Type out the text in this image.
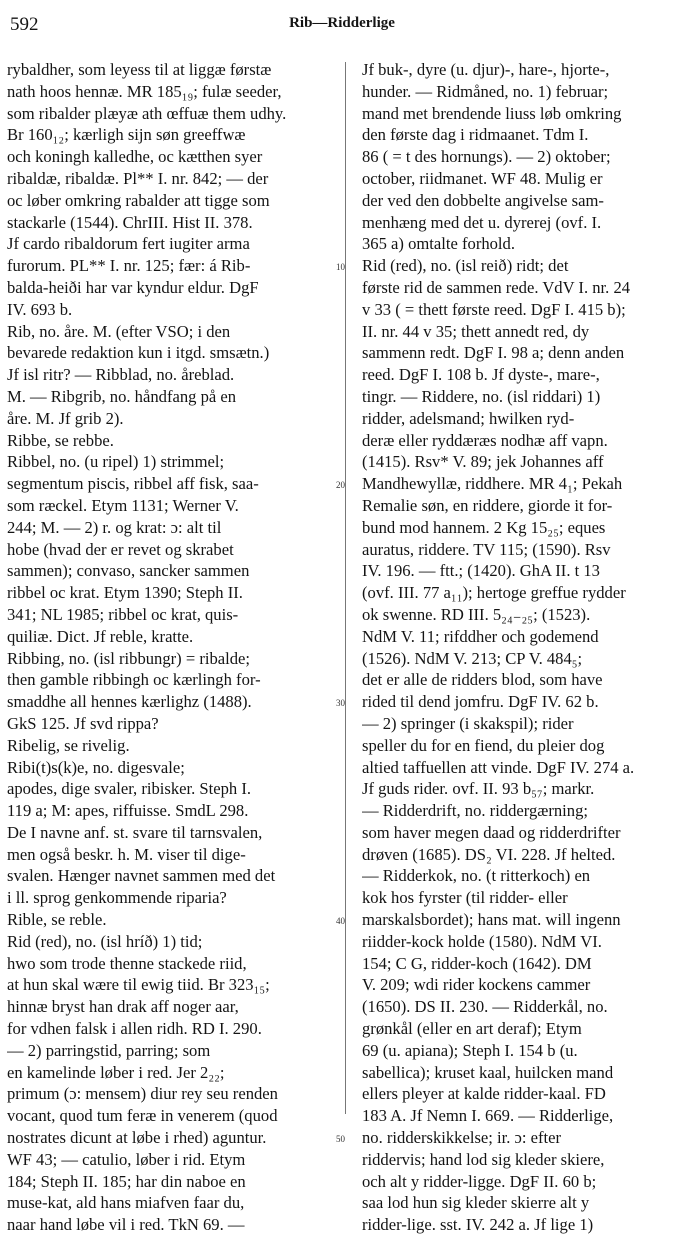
592	Rib—Ridderlige
rybaldher, som leyess til at liggæ førstæ
nath hoos hennæ. MR 185₁₉; fulæ seeder,
som ribalder plæyæ ath œffuæ them udhy.
Br 160₁₂; kærligh sijn søn greeffwæ
och koningh kalledhe, oc kætthen syer
ribaldæ, ribaldæ. Pl** I. nr. 842; — der
oc løber omkring rabalder att tigge som
stackarle (1544). ChrIII. Hist II. 378.
Jf cardo ribaldorum fert iugiter arma
furorum. PL** I. nr. 125; fær: á Rib-
balda-heiði har var kyndur eldur. DgF
IV. 693 b.
Rib, no. åre. M. (efter VSO; i den
bevarede redaktion kun i itgd. smsætn.)
Jf isl ritr? — Ribblad, no. åreblad.
M. — Ribgrib, no. håndfang på en
åre. M. Jf grib 2).
Ribbe, se rebbe.
Ribbel, no. (u ripel) 1) strimmel;
segmentum piscis, ribbel aff fisk, saa-
som ræckel. Etym 1131; Werner V.
244; M. — 2) r. og krat: ɔ: alt til
hobe (hvad der er revet og skrabet
sammen); convaso, sancker sammen
ribbel oc krat. Etym 1390; Steph II.
341; NL 1985; ribbel oc krat, quis-
quiliæ. Dict. Jf reble, kratte.
Ribbing, no. (isl ribbungr) = ribalde;
then gamble ribbingh oc kærlingh for-
smaddhe all hennes kærlighz (1488).
GkS 125. Jf svd rippa?
Ribelig, se rivelig.
Ribi(t)s(k)e, no. digesvale;
apodes, dige svaler, ribisker. Steph I.
119 a; M: apes, riffuisse. SmdL 298.
De I navne anf. st. svare til tarnsvalen,
men også beskr. h. M. viser til dige-
svalen. Hænger navnet sammen med det
i ll. sprog genkommende riparia?
Rible, se reble.
Rid (red), no. (isl hríð) 1) tid;
hwo som trode thenne stackede riid,
at hun skal wære til ewig tiid. Br 323₁₅;
hinnæ bryst han drak aff noger aar,
for vdhen falsk i allen ridh. RD I. 290.
— 2) parringstid, parring; som
en kamelinde løber i red. Jer 2₂₂;
primum (ɔ: mensem) diur rey seu renden
vocant, quod tum feræ in venerem (quod
nostrates dicunt at løbe i rhed) aguntur.
WF 43; — catulio, løber i rid. Etym
184; Steph II. 185; har din naboe en
muse-kat, ald hans miafven faar du,
naar hand løbe vil i red. TkN 69. —
Jf buk-, dyre (u. djur)-, hare-, hjorte-,
hunder. — Ridmåned, no. 1) februar;
mand met brendende liuss løb omkring
den første dag i ridmaanet. Tdm I.
86 ( = t des hornungs). — 2) oktober;
october, riidmanet. WF 48. Mulig er
der ved den dobbelte angivelse sam-
menhæng med det u. dyrerej (ovf. I.
365 a) omtalte forhold.
Rid (red), no. (isl reið) ridt; det
første rid de sammen rede. VdV I. nr. 24
v 33 ( = thett første reed. DgF I. 415 b);
II. nr. 44 v 35; thett annedt red, dy
sammenn redt. DgF I. 98 a; denn anden
reed. DgF I. 108 b. Jf dyste-, mare-,
tingr. — Riddere, no. (isl riddari) 1)
ridder, adelsmand; hwilken ryd-
deræ eller ryddæræs nodhæ aff vapn.
(1415). Rsv* V. 89; jek Johannes aff
Mandhewyllæ, riddhere. MR 4₁; Pekah
Remalie søn, en riddere, giorde it for-
bund mod hannem. 2 Kg 15₂₅; eques
auratus, riddere. TV 115; (1590). Rsv
IV. 196. — ftt.; (1420). GhA II. t 13
(ovf. III. 77 a₁₁); hertoge greffue rydder
ok swenne. RD III. 5₂₄₋₂₅; (1523).
NdM V. 11; rifddher och godemend
(1526). NdM V. 213; CP V. 484₅;
det er alle de ridders blod, som have
rided til dend jomfru. DgF IV. 62 b.
— 2) springer (i skakspil); rider
speller du for en fiend, du pleier dog
altied taffuellen att vinde. DgF IV. 274 a.
Jf guds rider. ovf. II. 93 b₅₇; markr.
— Ridderdrift, no. riddergærning;
som haver megen daad og ridderdrifter
drøven (1685). DS₂ VI. 228. Jf helted.
— Ridderkok, no. (t ritterkoch) en
kok hos fyrster (til ridder- eller
marskalsbordet); hans mat. will ingenn
riidder-kock holde (1580). NdM VI.
154; C G, ridder-koch (1642). DM
V. 209; wdi rider kockens cammer
(1650). DS II. 230. — Ridderkål, no.
grønkål (eller en art deraf); Etym
69 (u. apiana); Steph I. 154 b (u.
sabellica); kruset kaal, huilcken mand
ellers pleyer at kalde ridder-kaal. FD
183 A. Jf Nemn I. 669. — Ridderlige,
no. ridderskikkelse; ir. ɔ: efter
riddervis; hand lod sig kleder skiere,
och alt y ridder-ligge. DgF II. 60 b;
saa lod hun sig kleder skierre alt y
ridder-lige. sst. IV. 242 a. Jf lige 1)
10
20
30
40
50
